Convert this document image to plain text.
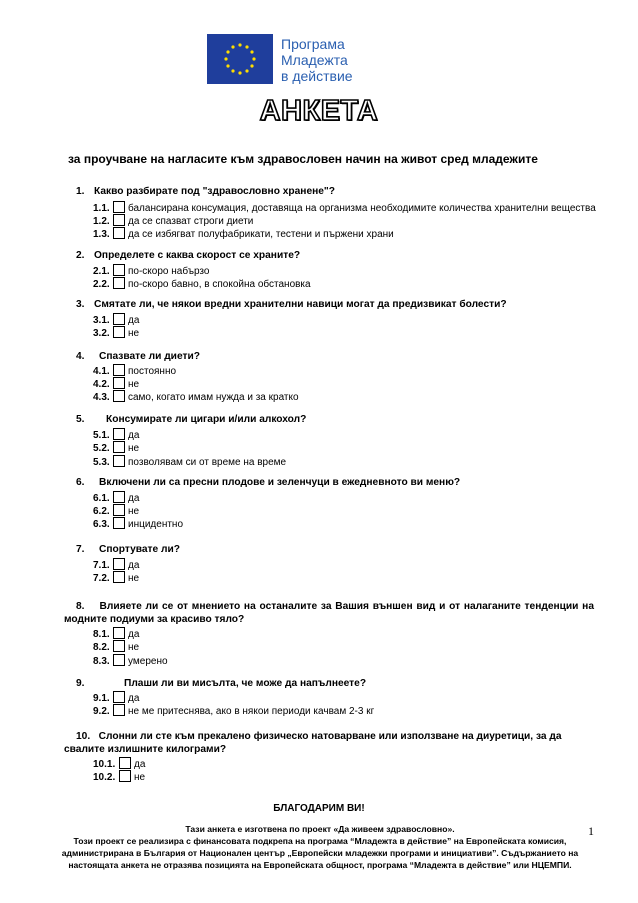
Програма
Младежта
в действие
АНКЕТА
за проучване на нагласите към здравословен начин на живот сред младежите
1. Какво разбирате под "здравословно хранене"?
1.1. балансирана консумация, доставяща на организма необходимите количества хранителни вещества
1.2. да се спазват строги диети
1.3. да се избягват полуфабрикати, тестени и пържени храни
2. Определете с каква скорост се храните?
2.1. по-скоро набързо
2.2. по-скоро бавно, в спокойна обстановка
3. Смятате ли, че някои вредни хранителни навици могат да предизвикат болести?
3.1. да
3.2. не
4. Спазвате ли диети?
4.1. постоянно
4.2. не
4.3. само, когато имам нужда и за кратко
5. Консумирате ли цигари и/или алкохол?
5.1. да
5.2. не
5.3. позволявам си от време на време
6. Включени ли са пресни плодове и зеленчуци в ежедневното ви меню?
6.1. да
6.2. не
6.3. инцидентно
7. Спортувате ли?
7.1. да
7.2. не
8. Влияете ли се от мнението на останалите за Вашия външен вид и от налаганите тенденции на модните подиуми за красиво тяло?
8.1. да
8.2. не
8.3. умерено
9.	Плаши ли ви мисълта, че може да напълнеете?
9.1. да
9.2. не ме притеснява, ако в някои периоди качвам 2-3 кг
10. Слонни ли сте към прекалено физическо натоварване или използване на диуретици, за да свалите излишните килограми?
10.1. да
10.2. не
БЛАГОДАРИМ ВИ!
Тази анкета е изготвена по проект «Да живеем здравословно».
Този проект се реализира с финансовата подкрепа на програма “Младежта в действие” на Европейската комисия,
администрирана в България от Национален център „Европейски младежки програми и инициативи”. Съдържанието на
настоящата анкета не отразява позицията на Европейската общност, програма “Младежта в действие” или НЦЕМПИ.
1
